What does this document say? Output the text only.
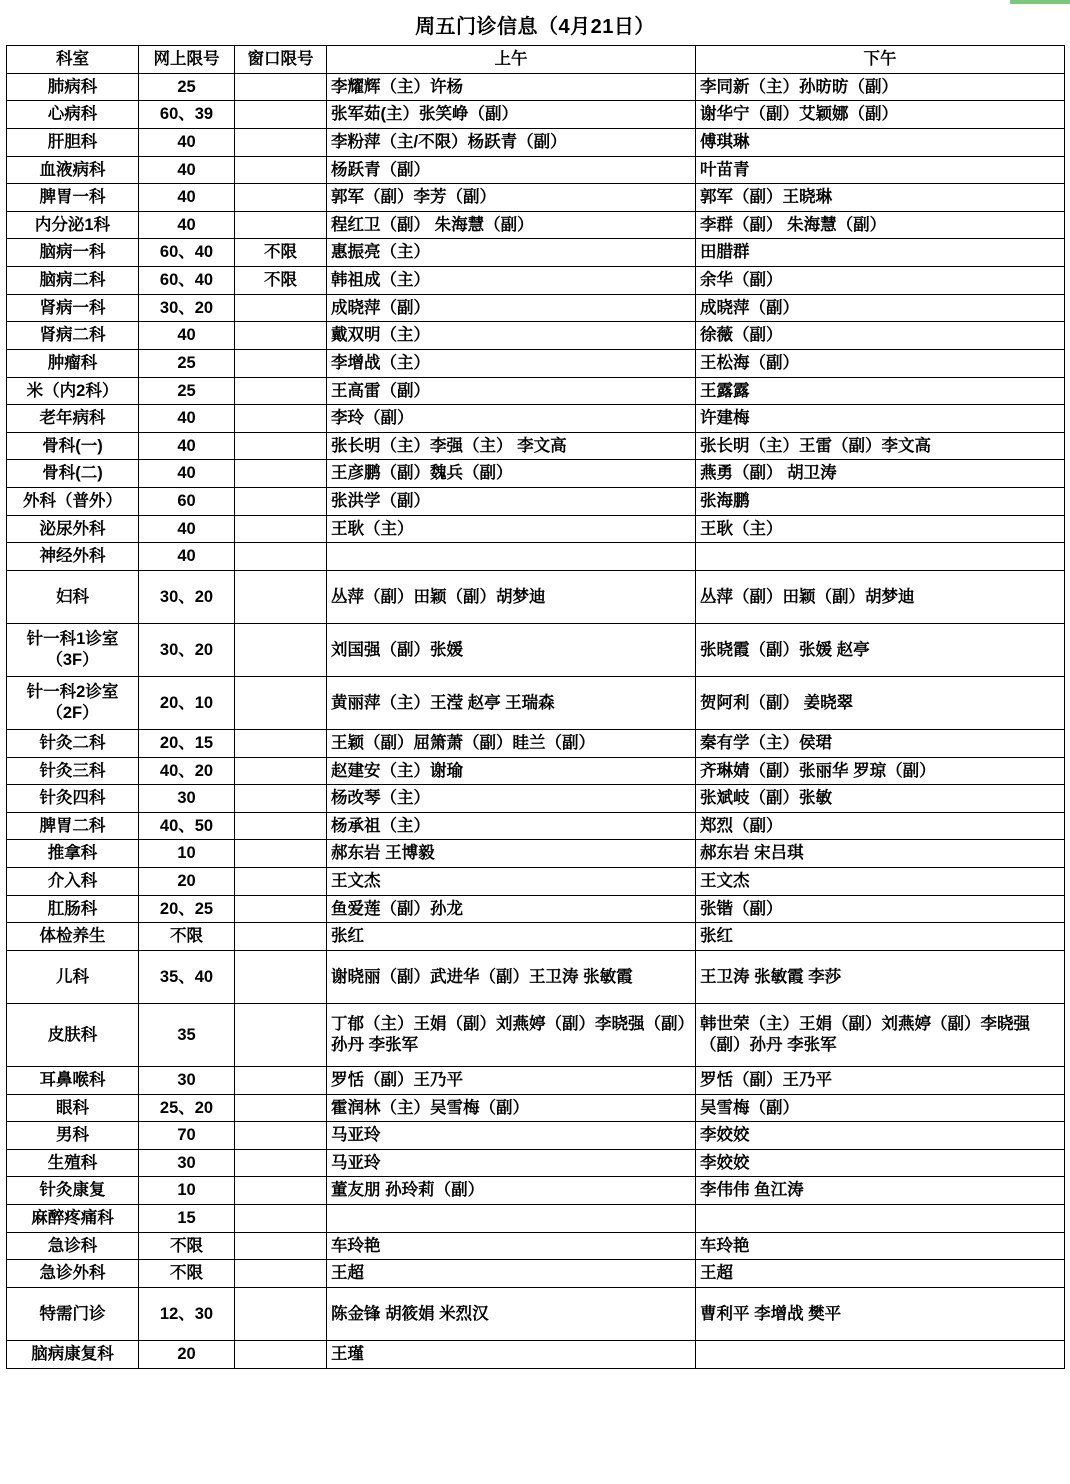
周五门诊信息（4月21日）
科室	网上限号	窗口限号	上午	下午
肺病科	25		李耀辉（主）许杨	李同新（主）孙昉昉（副）
心病科	60、39		张军茹(主）张笑峥（副）	谢华宁（副）艾颖娜（副）
肝胆科	40		李粉萍（主/不限）杨跃青（副）	傅琪琳
血液病科	40		杨跃青（副）	叶苗青
脾胃一科	40		郭军（副）李芳（副）	郭军（副）王晓琳
内分泌1科	40		程红卫（副） 朱海慧（副）	李群（副） 朱海慧（副）
脑病一科	60、40	不限	惠振亮（主）	田腊群
脑病二科	60、40	不限	韩祖成（主）	余华（副）
肾病一科	30、20		成晓萍（副）	成晓萍（副）
肾病二科	40		戴双明（主）	徐薇（副）
肿瘤科	25		李增战（主）	王松海（副）
米（内2科）	25		王高雷（副）	王露露
老年病科	40		李玲（副）	许建梅
骨科(一)	40		张长明（主）李强（主） 李文高	张长明（主）王雷（副）李文高
骨科(二)	40		王彦鹏（副）魏兵（副）	燕勇（副） 胡卫涛
外科（普外）	60		张洪学（副）	张海鹏
泌尿外科	40		王耿（主）	王耿（主）
神经外科	40			
妇科	30、20		丛萍（副）田颖（副）胡梦迪	丛萍（副）田颖（副）胡梦迪
针一科1诊室（3F）	30、20		刘国强（副）张媛	张晓霞（副）张媛 赵亭
针一科2诊室（2F）	20、10		黄丽萍（主）王滢 赵亭 王瑞森	贺阿利（副） 姜晓翠
针灸二科	20、15		王颖（副）屈箫萧（副）眭兰（副）	秦有学（主）侯珺
针灸三科	40、20		赵建安（主）谢瑜	齐琳婧（副）张丽华 罗琼（副）
针灸四科	30		杨改琴（主）	张斌岐（副）张敏
脾胃二科	40、50		杨承祖（主）	郑烈（副）
推拿科	10		郝东岩 王博毅	郝东岩 宋吕琪
介入科	20		王文杰	王文杰
肛肠科	20、25		鱼爱莲（副）孙龙	张锴（副）
体检养生	不限		张红	张红
儿科	35、40		谢晓丽（副）武进华（副）王卫涛 张敏霞	王卫涛 张敏霞 李莎
皮肤科	35		丁郁（主）王娟（副）刘燕婷（副）李晓强（副）孙丹 李张军	韩世荣（主）王娟（副）刘燕婷（副）李晓强（副）孙丹 李张军
耳鼻喉科	30		罗恬（副）王乃平	罗恬（副）王乃平
眼科	25、20		霍润林（主）吴雪梅（副）	吴雪梅（副）
男科	70		马亚玲	李姣姣
生殖科	30		马亚玲	李姣姣
针灸康复	10		董友朋 孙玲莉（副）	李伟伟 鱼江涛
麻醉疼痛科	15			
急诊科	不限		车玲艳	车玲艳
急诊外科	不限		王超	王超
特需门诊	12、30		陈金锋 胡筱娟 米烈汉	曹利平 李增战 樊平
脑病康复科	20		王瑾	
